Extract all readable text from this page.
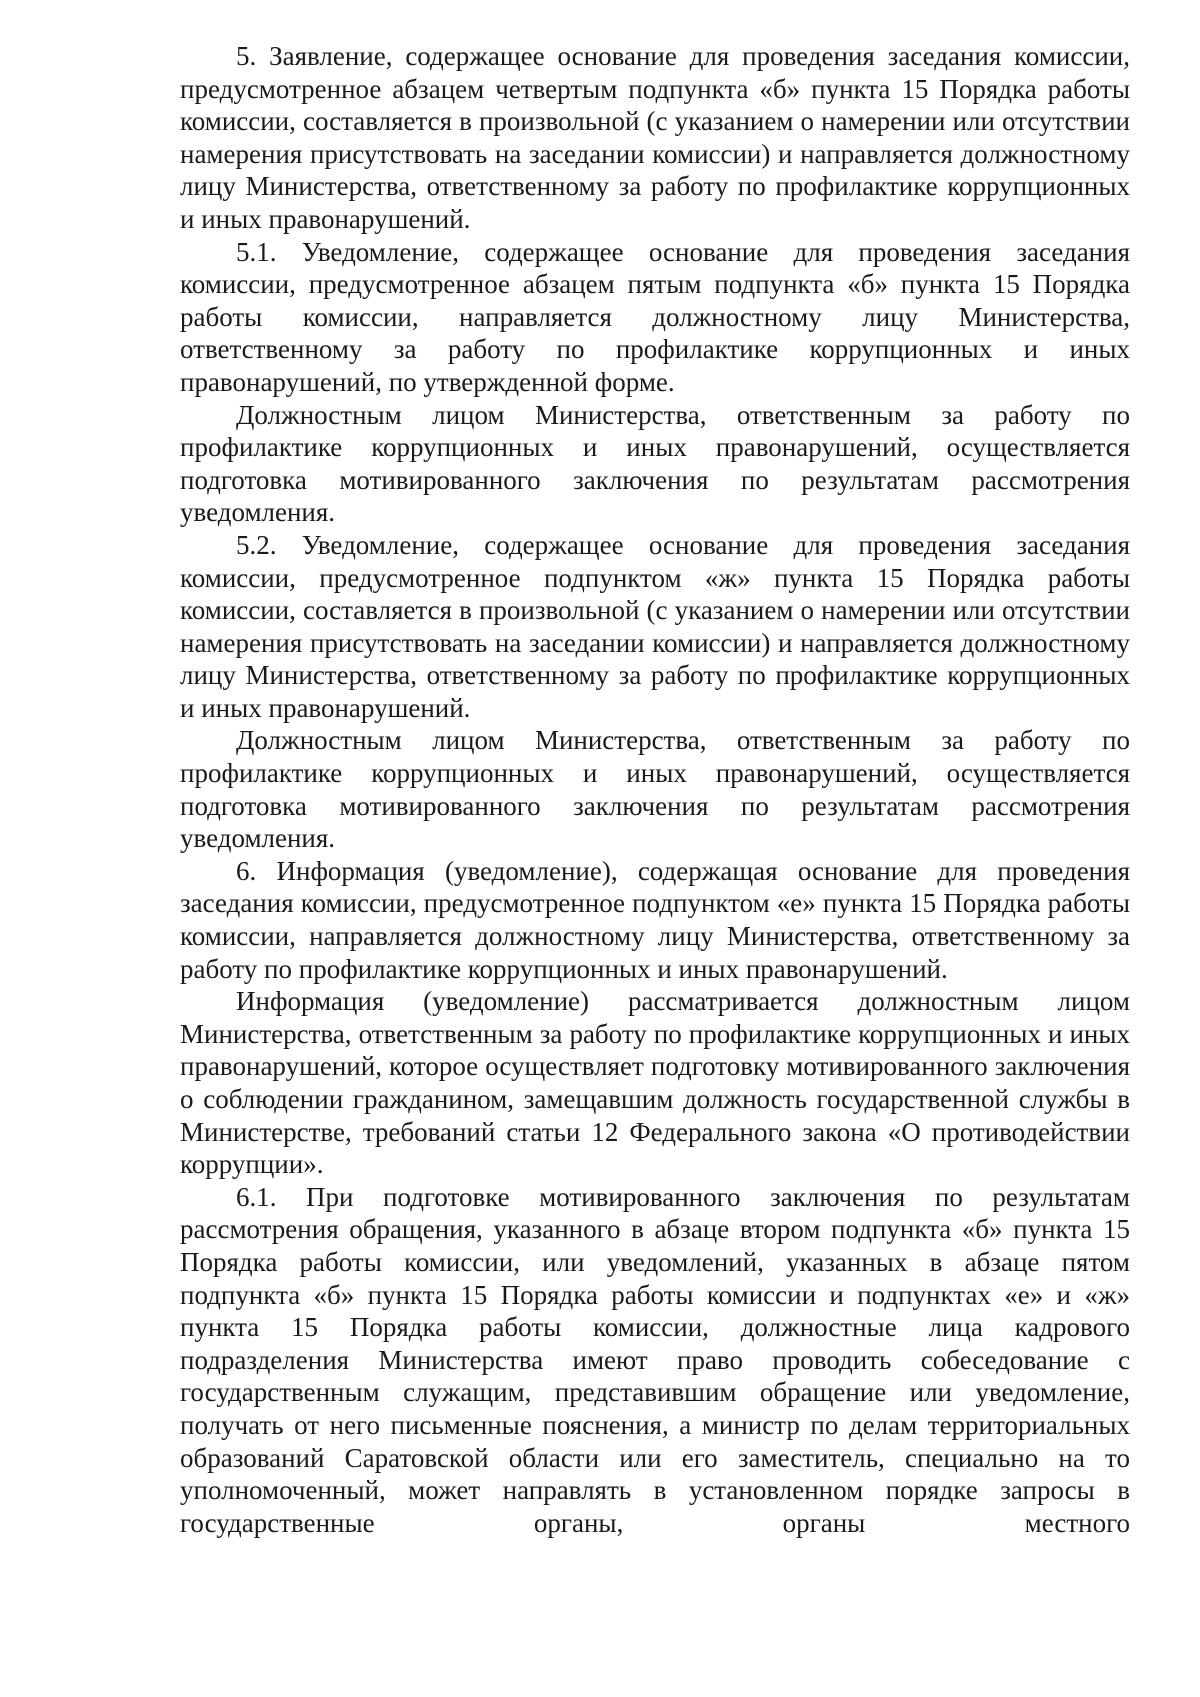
5. Заявление, содержащее основание для проведения заседания комиссии, предусмотренное абзацем четвертым подпункта «б» пункта 15 Порядка работы комиссии, составляется в произвольной (с указанием о намерении или отсутствии намерения присутствовать на заседании комиссии) и направляется должностному лицу Министерства, ответственному за работу по профилактике коррупционных и иных правонарушений.

5.1. Уведомление, содержащее основание для проведения заседания комиссии, предусмотренное абзацем пятым подпункта «б» пункта 15 Порядка работы комиссии, направляется должностному лицу Министерства, ответственному за работу по профилактике коррупционных и иных правонарушений, по утвержденной форме.

Должностным лицом Министерства, ответственным за работу по профилактике коррупционных и иных правонарушений, осуществляется подготовка мотивированного заключения по результатам рассмотрения уведомления.

5.2. Уведомление, содержащее основание для проведения заседания комиссии, предусмотренное подпунктом «ж» пункта 15 Порядка работы комиссии, составляется в произвольной (с указанием о намерении или отсутствии намерения присутствовать на заседании комиссии) и направляется должностному лицу Министерства, ответственному за работу по профилактике коррупционных и иных правонарушений.

Должностным лицом Министерства, ответственным за работу по профилактике коррупционных и иных правонарушений, осуществляется подготовка мотивированного заключения по результатам рассмотрения уведомления.

6. Информация (уведомление), содержащая основание для проведения заседания комиссии, предусмотренное подпунктом «е» пункта 15 Порядка работы комиссии, направляется должностному лицу Министерства, ответственному за работу по профилактике коррупционных и иных правонарушений.

Информация (уведомление) рассматривается должностным лицом Министерства, ответственным за работу по профилактике коррупционных и иных правонарушений, которое осуществляет подготовку мотивированного заключения о соблюдении гражданином, замещавшим должность государственной службы в Министерстве, требований статьи 12 Федерального закона «О противодействии коррупции».

6.1. При подготовке мотивированного заключения по результатам рассмотрения обращения, указанного в абзаце втором подпункта «б» пункта 15 Порядка работы комиссии, или уведомлений, указанных в абзаце пятом подпункта «б» пункта 15 Порядка работы комиссии и подпунктах «е» и «ж» пункта 15 Порядка работы комиссии, должностные лица кадрового подразделения Министерства имеют право проводить собеседование с государственным служащим, представившим обращение или уведомление, получать от него письменные пояснения, а министр по делам территориальных образований Саратовской области или его заместитель, специально на то уполномоченный, может направлять в установленном порядке запросы в государственные органы, органы местного
